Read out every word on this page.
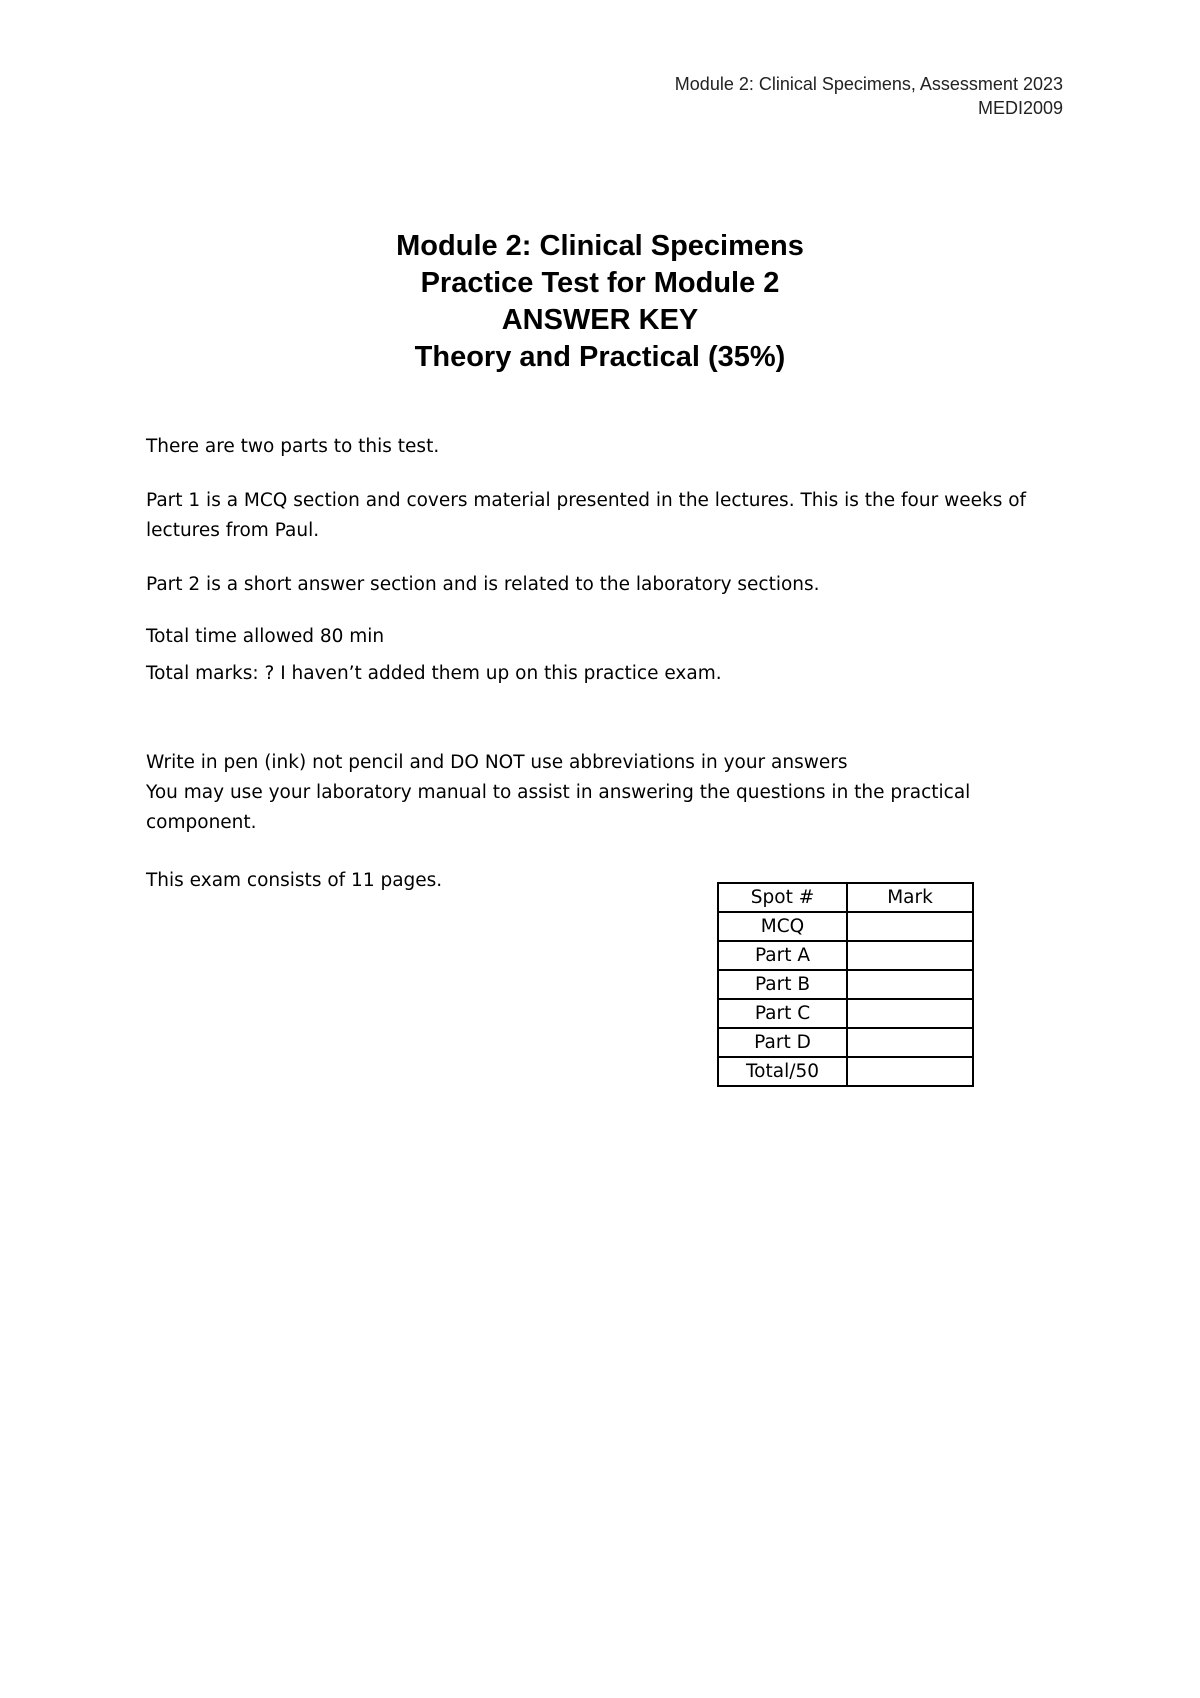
Module 2: Clinical Specimens, Assessment 2023
MEDI2009
Module 2: Clinical Specimens
Practice Test for Module 2
ANSWER KEY
Theory and Practical (35%)

There are two parts to this test.

Part 1 is a MCQ section and covers material presented in the lectures. This is the four weeks of lectures from Paul.

Part 2 is a short answer section and is related to the laboratory sections.

Total time allowed 80 min

Total marks: ? I haven’t added them up on this practice exam.

Write in pen (ink) not pencil and DO NOT use abbreviations in your answers

You may use your laboratory manual to assist in answering the questions in the practical component.

This exam consists of 11 pages.

Spot #	Mark
MCQ	
Part A	
Part B	
Part C	
Part D	
Total/50	
